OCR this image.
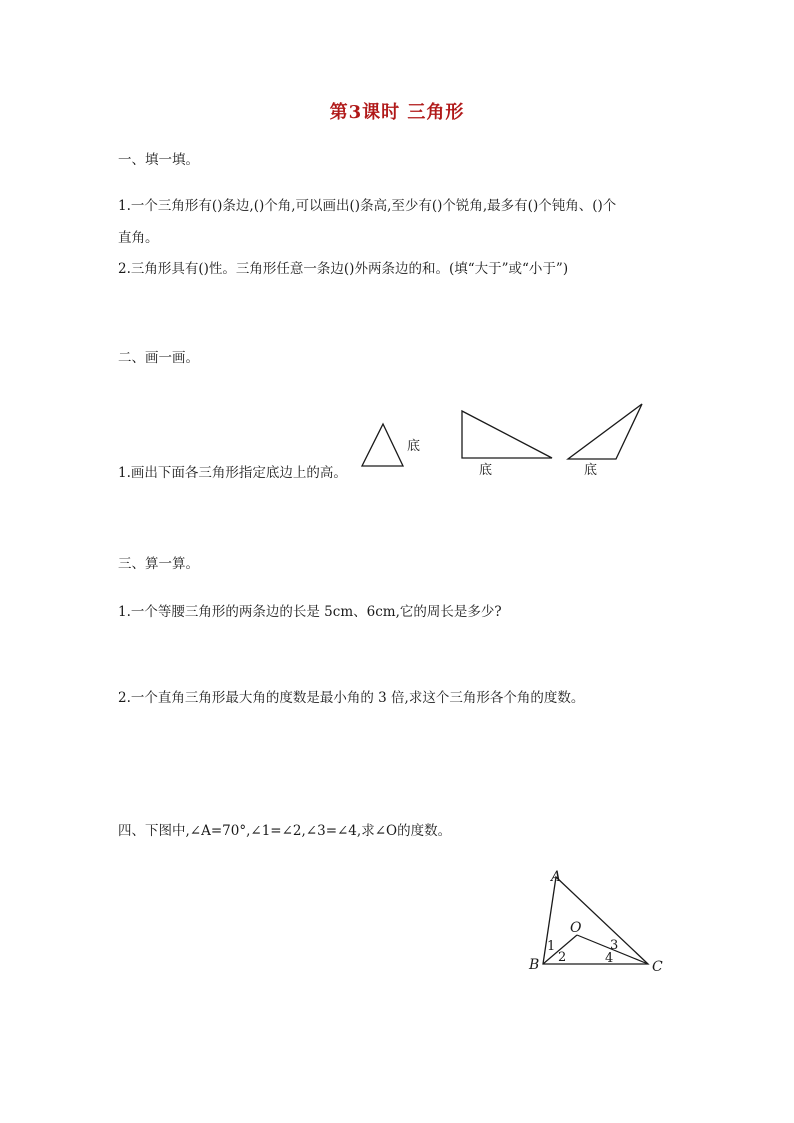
第3课时 三角形
一、填一填。
1.一个三角形有()条边,()个角,可以画出()条高,至少有()个锐角,最多有()个钝角、()个
直角。
2.三角形具有()性。三角形任意一条边()外两条边的和。(填“大于”或“小于”)
二、画一画。
1.画出下面各三角形指定底边上的高。
底
底	底
三、算一算。
1.一个等腰三角形的两条边的长是 5cm、6cm,它的周长是多少?
2.一个直角三角形最大角的度数是最小角的 3 倍,求这个三角形各个角的度数。
四、下图中,∠A=70°,∠1=∠2,∠3=∠4,求∠O的度数。
A
B	C
O
1
2
3
4
